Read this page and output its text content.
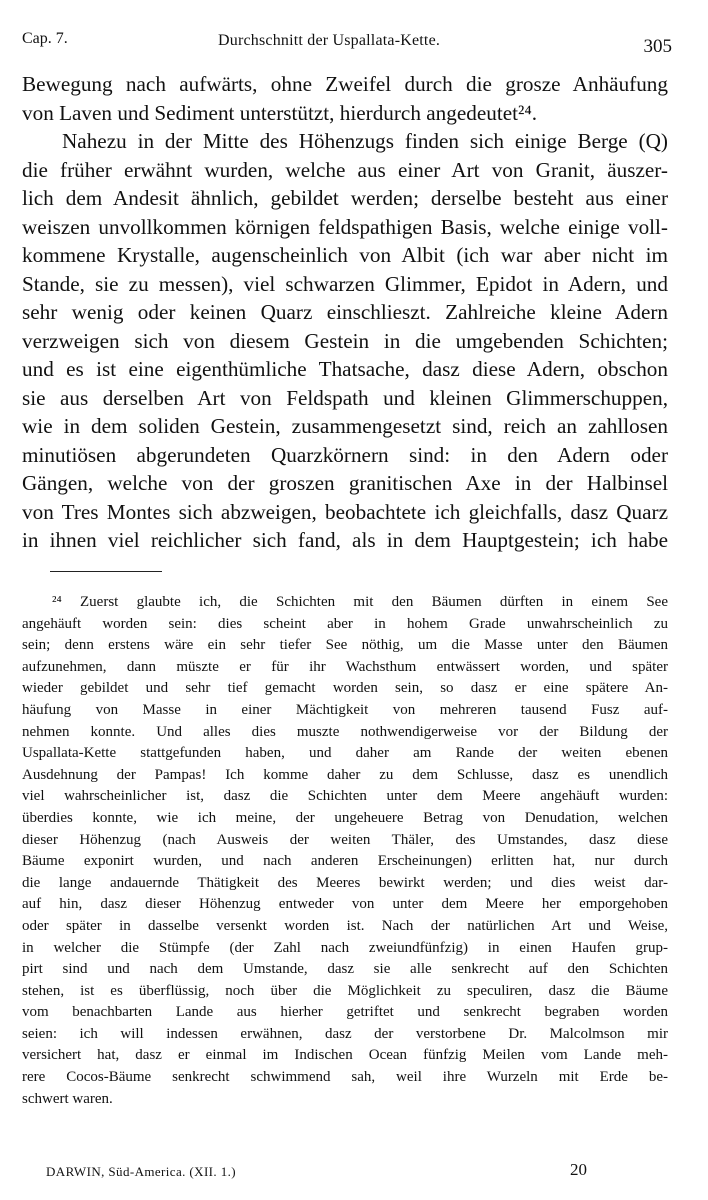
Cap. 7.	Durchschnitt der Uspallata-Kette.	305
Bewegung nach aufwärts, ohne Zweifel durch die grosze Anhäufung
von Laven und Sediment unterstützt, hierdurch angedeutet²⁴.
Nahezu in der Mitte des Höhenzugs finden sich einige Berge (Q)
die früher erwähnt wurden, welche aus einer Art von Granit, äuszer-
lich dem Andesit ähnlich, gebildet werden; derselbe besteht aus einer
weiszen unvollkommen körnigen feldspathigen Basis, welche einige voll-
kommene Krystalle, augenscheinlich von Albit (ich war aber nicht im
Stande, sie zu messen), viel schwarzen Glimmer, Epidot in Adern, und
sehr wenig oder keinen Quarz einschlieszt. Zahlreiche kleine Adern
verzweigen sich von diesem Gestein in die umgebenden Schichten;
und es ist eine eigenthümliche Thatsache, dasz diese Adern, obschon
sie aus derselben Art von Feldspath und kleinen Glimmerschuppen,
wie in dem soliden Gestein, zusammengesetzt sind, reich an zahllosen
minutiösen abgerundeten Quarzkörnern sind: in den Adern oder
Gängen, welche von der groszen granitischen Axe in der Halbinsel
von Tres Montes sich abzweigen, beobachtete ich gleichfalls, dasz Quarz
in ihnen viel reichlicher sich fand, als in dem Hauptgestein; ich habe
²⁴ Zuerst glaubte ich, die Schichten mit den Bäumen dürften in einem See
angehäuft worden sein: dies scheint aber in hohem Grade unwahrscheinlich zu
sein; denn erstens wäre ein sehr tiefer See nöthig, um die Masse unter den Bäumen
aufzunehmen, dann müszte er für ihr Wachsthum entwässert worden, und später
wieder gebildet und sehr tief gemacht worden sein, so dasz er eine spätere An-
häufung von Masse in einer Mächtigkeit von mehreren tausend Fusz auf-
nehmen konnte. Und alles dies muszte nothwendigerweise vor der Bildung der
Uspallata-Kette stattgefunden haben, und daher am Rande der weiten ebenen
Ausdehnung der Pampas! Ich komme daher zu dem Schlusse, dasz es unendlich
viel wahrscheinlicher ist, dasz die Schichten unter dem Meere angehäuft wurden:
überdies konnte, wie ich meine, der ungeheuere Betrag von Denudation, welchen
dieser Höhenzug (nach Ausweis der weiten Thäler, des Umstandes, dasz diese
Bäume exponirt wurden, und nach anderen Erscheinungen) erlitten hat, nur durch
die lange andauernde Thätigkeit des Meeres bewirkt werden; und dies weist dar-
auf hin, dasz dieser Höhenzug entweder von unter dem Meere her emporgehoben
oder später in dasselbe versenkt worden ist. Nach der natürlichen Art und Weise,
in welcher die Stümpfe (der Zahl nach zweiundfünfzig) in einen Haufen grup-
pirt sind und nach dem Umstande, dasz sie alle senkrecht auf den Schichten
stehen, ist es überflüssig, noch über die Möglichkeit zu speculiren, dasz die Bäume
vom benachbarten Lande aus hierher getriftet und senkrecht begraben worden
seien: ich will indessen erwähnen, dasz der verstorbene Dr. Malcolmson mir
versichert hat, dasz er einmal im Indischen Ocean fünfzig Meilen vom Lande meh-
rere Cocos-Bäume senkrecht schwimmend sah, weil ihre Wurzeln mit Erde be-
schwert waren.
DARWIN, Süd-America. (XII. 1.)	20
